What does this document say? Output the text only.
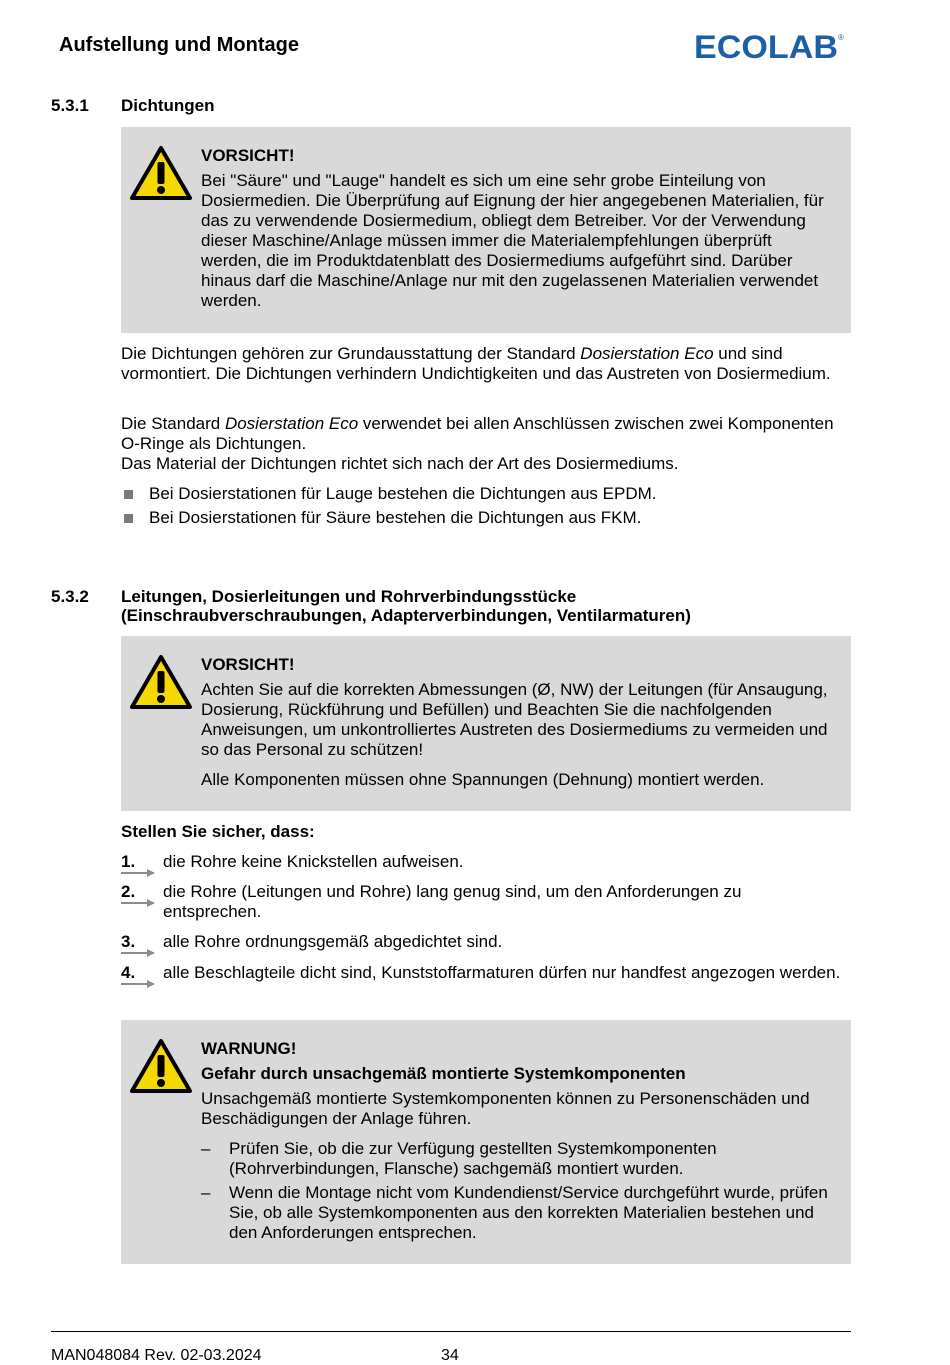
Aufstellung und Montage	ECOLAB ®
5.3.1 Dichtungen
VORSICHT!
Bei "Säure" und "Lauge" handelt es sich um eine sehr grobe Einteilung von Dosiermedien. Die Überprüfung auf Eignung der hier angegebenen Materialien, für das zu verwendende Dosiermedium, obliegt dem Betreiber. Vor der Verwendung dieser Maschine/Anlage müssen immer die Materialempfehlungen überprüft werden, die im Produktdatenblatt des Dosiermediums aufgeführt sind. Darüber hinaus darf die Maschine/Anlage nur mit den zugelassenen Materialien verwendet werden.
Die Dichtungen gehören zur Grundausstattung der Standard Dosierstation Eco und sind vormontiert. Die Dichtungen verhindern Undichtigkeiten und das Austreten von Dosiermedium.
Die Standard Dosierstation Eco verwendet bei allen Anschlüssen zwischen zwei Komponenten O-Ringe als Dichtungen.
Das Material der Dichtungen richtet sich nach der Art des Dosiermediums.
Bei Dosierstationen für Lauge bestehen die Dichtungen aus EPDM.
Bei Dosierstationen für Säure bestehen die Dichtungen aus FKM.
5.3.2 Leitungen, Dosierleitungen und Rohrverbindungsstücke
(Einschraubverschraubungen, Adapterverbindungen, Ventilarmaturen)
VORSICHT!
Achten Sie auf die korrekten Abmessungen (Ø, NW) der Leitungen (für Ansaugung, Dosierung, Rückführung und Befüllen) und Beachten Sie die nachfolgenden Anweisungen, um unkontrolliertes Austreten des Dosiermediums zu vermeiden und so das Personal zu schützen!
Alle Komponenten müssen ohne Spannungen (Dehnung) montiert werden.
Stellen Sie sicher, dass:
1. die Rohre keine Knickstellen aufweisen.
2. die Rohre (Leitungen und Rohre) lang genug sind, um den Anforderungen zu entsprechen.
3. alle Rohre ordnungsgemäß abgedichtet sind.
4. alle Beschlagteile dicht sind, Kunststoffarmaturen dürfen nur handfest angezogen werden.
WARNUNG!
Gefahr durch unsachgemäß montierte Systemkomponenten
Unsachgemäß montierte Systemkomponenten können zu Personenschäden und Beschädigungen der Anlage führen.
– Prüfen Sie, ob die zur Verfügung gestellten Systemkomponenten (Rohrverbindungen, Flansche) sachgemäß montiert wurden.
– Wenn die Montage nicht vom Kundendienst/Service durchgeführt wurde, prüfen Sie, ob alle Systemkomponenten aus den korrekten Materialien bestehen und den Anforderungen entsprechen.
MAN048084 Rev. 02-03.2024	34
